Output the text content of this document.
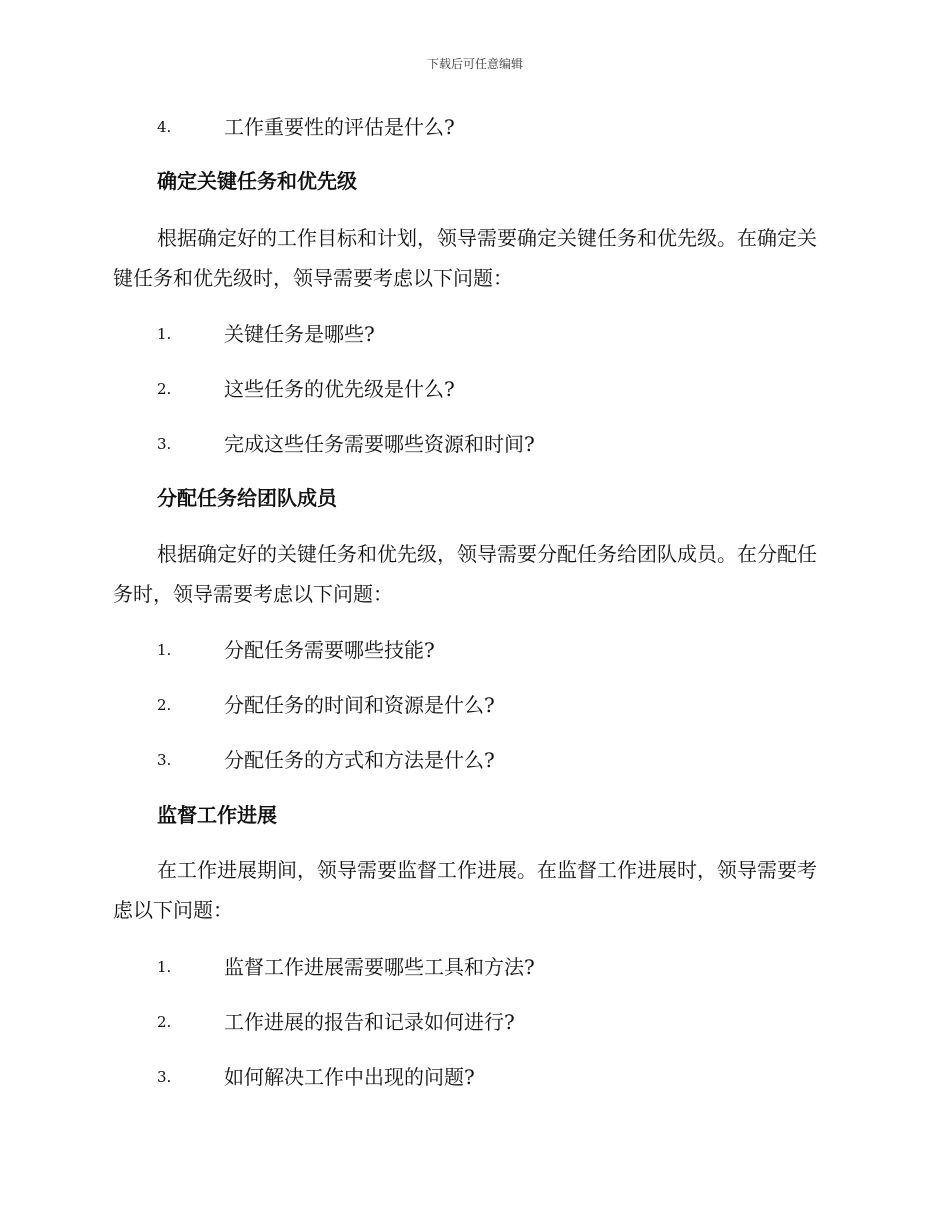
下载后可任意编辑
4.	工作重要性的评估是什么?
确定关键任务和优先级
根据确定好的工作目标和计划，领导需要确定关键任务和优先级。在确定关键任务和优先级时，领导需要考虑以下问题：
1.	关键任务是哪些?
2.	这些任务的优先级是什么?
3.	完成这些任务需要哪些资源和时间?
分配任务给团队成员
根据确定好的关键任务和优先级，领导需要分配任务给团队成员。在分配任务时，领导需要考虑以下问题：
1.	分配任务需要哪些技能?
2.	分配任务的时间和资源是什么?
3.	分配任务的方式和方法是什么?
监督工作进展
在工作进展期间，领导需要监督工作进展。在监督工作进展时，领导需要考虑以下问题：
1.	监督工作进展需要哪些工具和方法?
2.	工作进展的报告和记录如何进行?
3.	如何解决工作中出现的问题?
